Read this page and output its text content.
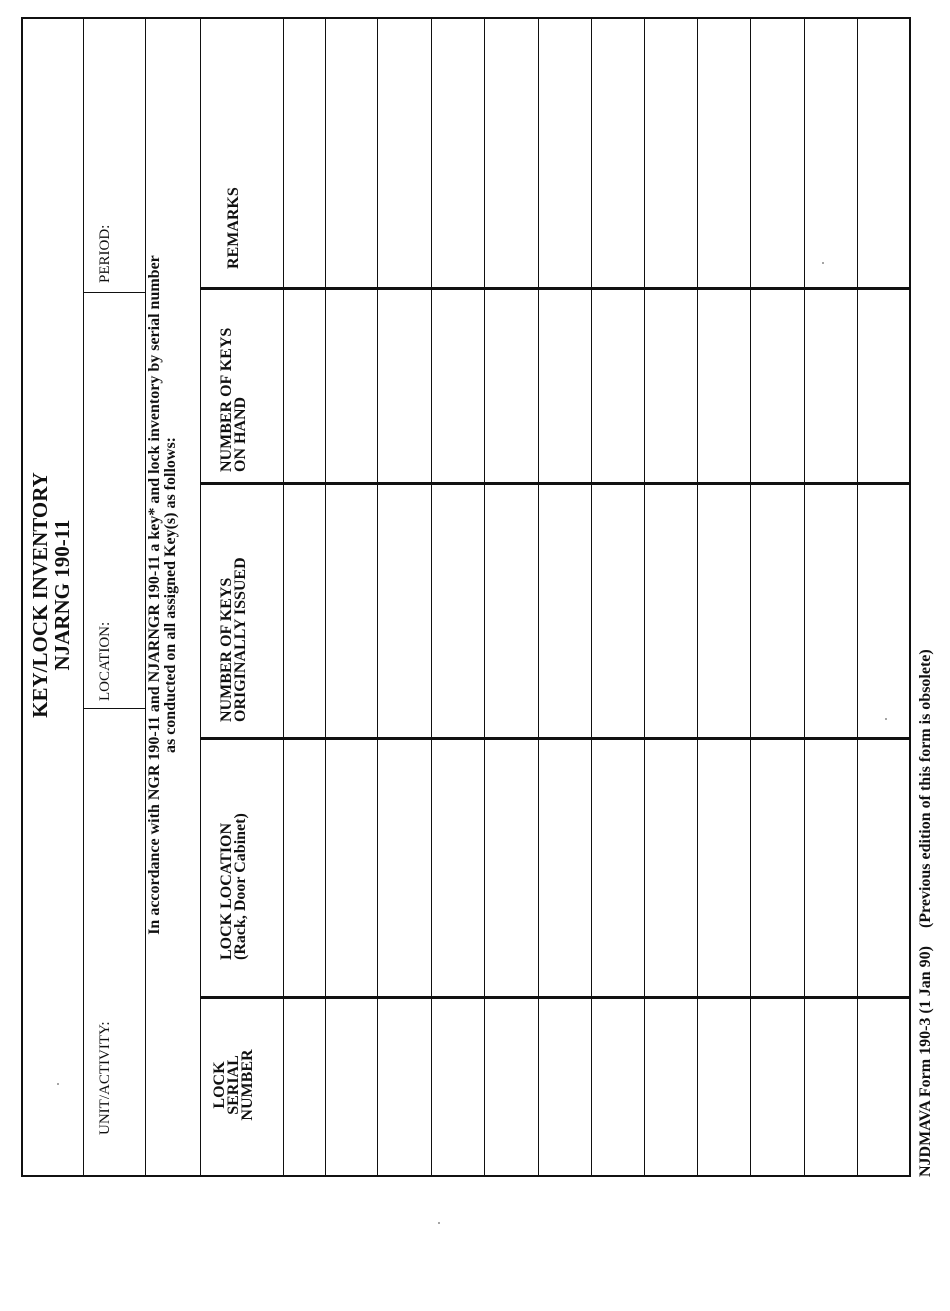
KEY/LOCK INVENTORY
NJARNG 190-11
UNIT/ACTIVITY:
LOCATION:
PERIOD:
In accordance with NGR 190-11 and NJARNGR 190-11 a key* and lock inventory by serial number as conducted on all assigned Key(s) as follows:
LOCK
SERIAL
NUMBER
LOCK LOCATION
(Rack, Door Cabinet)
NUMBER OF KEYS
ORIGINALLY ISSUED
NUMBER OF KEYS
ON HAND
REMARKS
NJDMAVA Form 190-3 (1 Jan 90) (Previous edition of this form is obsolete)
